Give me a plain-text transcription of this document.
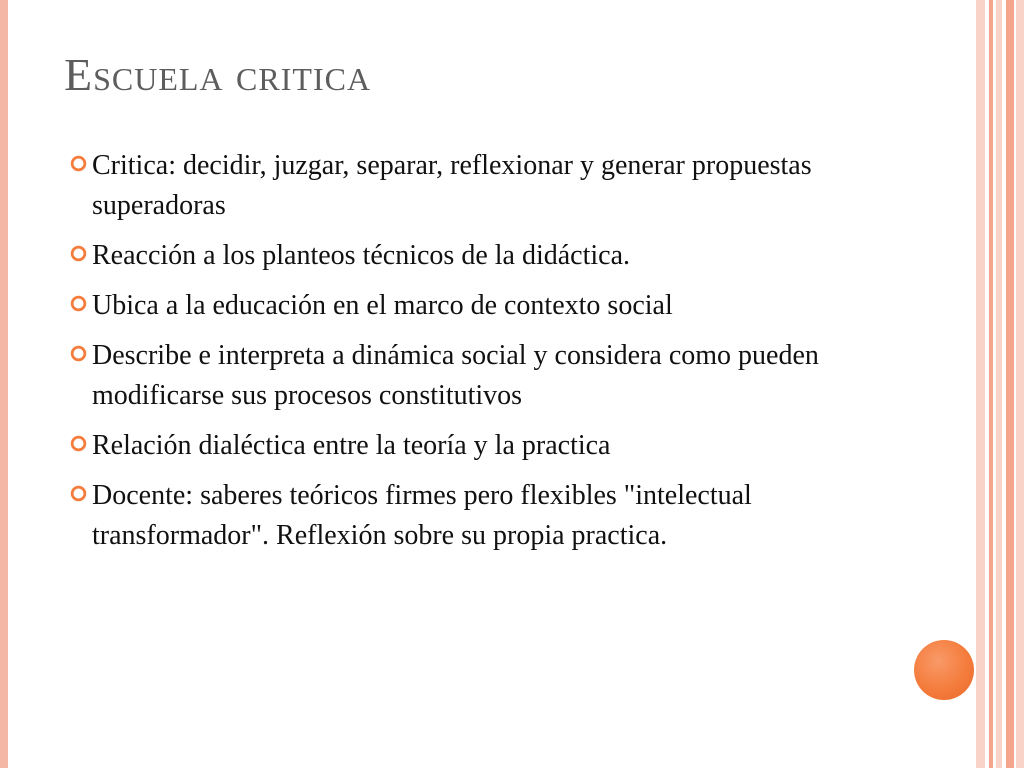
Escuela critica
Critica: decidir, juzgar, separar, reflexionar y generar propuestas superadoras
Reacción a los planteos técnicos de la didáctica.
Ubica a la educación en el marco de contexto social
Describe e interpreta a dinámica social y considera como pueden modificarse sus procesos constitutivos
Relación dialéctica entre la teoría y la practica
Docente: saberes teóricos firmes pero flexibles "intelectual transformador". Reflexión sobre su propia practica.
